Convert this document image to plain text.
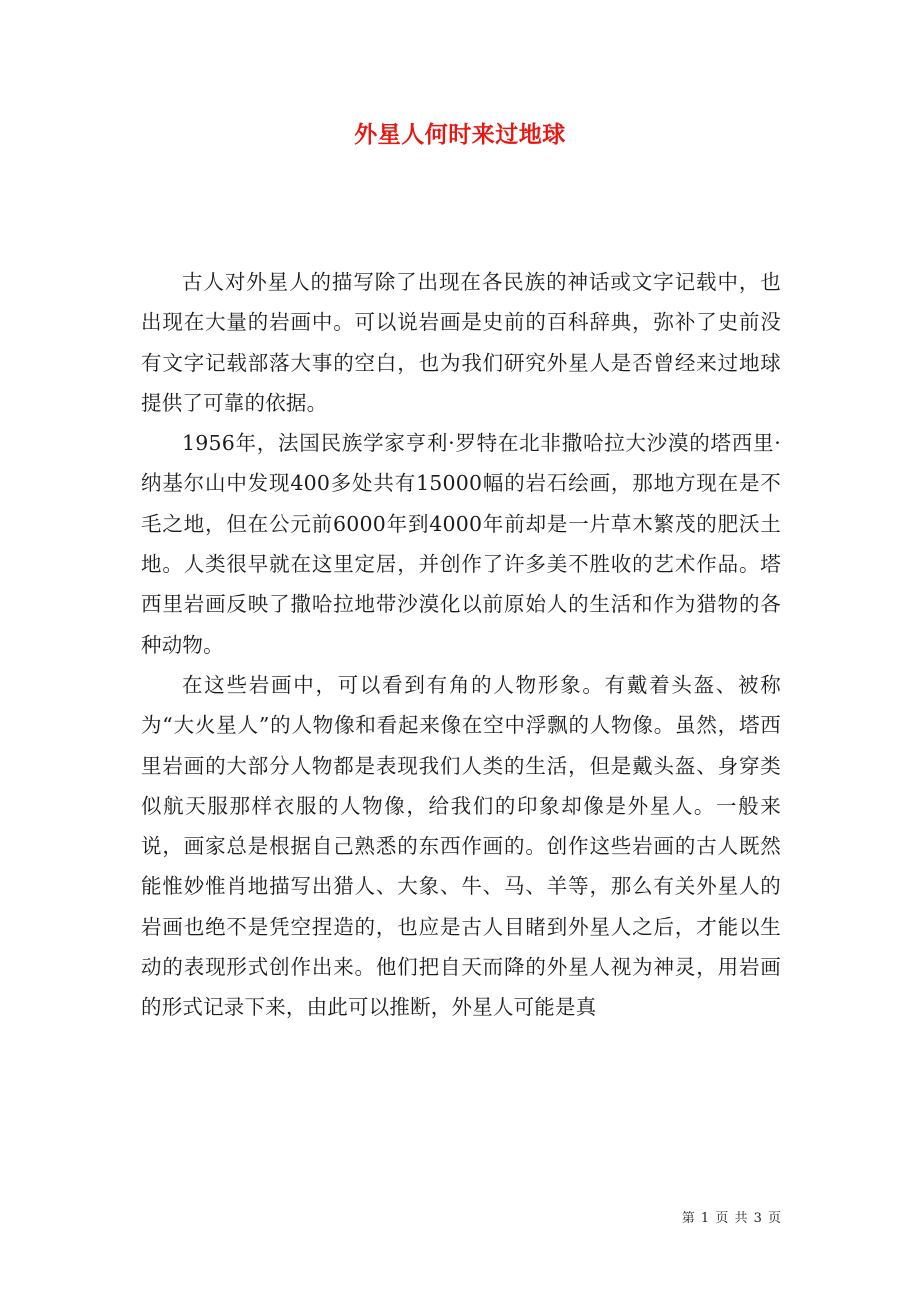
外星人何时来过地球

古人对外星人的描写除了出现在各民族的神话或文字记载中，也出现在大量的岩画中。可以说岩画是史前的百科辞典，弥补了史前没有文字记载部落大事的空白，也为我们研究外星人是否曾经来过地球提供了可靠的依据。

1956年，法国民族学家亨利·罗特在北非撒哈拉大沙漠的塔西里·纳基尔山中发现400多处共有15000幅的岩石绘画，那地方现在是不毛之地，但在公元前6000年到4000年前却是一片草木繁茂的肥沃土地。人类很早就在这里定居，并创作了许多美不胜收的艺术作品。塔西里岩画反映了撒哈拉地带沙漠化以前原始人的生活和作为猎物的各种动物。

在这些岩画中，可以看到有角的人物形象。有戴着头盔、被称为“大火星人”的人物像和看起来像在空中浮飘的人物像。虽然，塔西里岩画的大部分人物都是表现我们人类的生活，但是戴头盔、身穿类似航天服那样衣服的人物像，给我们的印象却像是外星人。一般来说，画家总是根据自己熟悉的东西作画的。创作这些岩画的古人既然能惟妙惟肖地描写出猎人、大象、牛、马、羊等，那么有关外星人的岩画也绝不是凭空捏造的，也应是古人目睹到外星人之后，才能以生动的表现形式创作出来。他们把自天而降的外星人视为神灵，用岩画的形式记录下来，由此可以推断，外星人可能是真

第 1 页 共 3 页
